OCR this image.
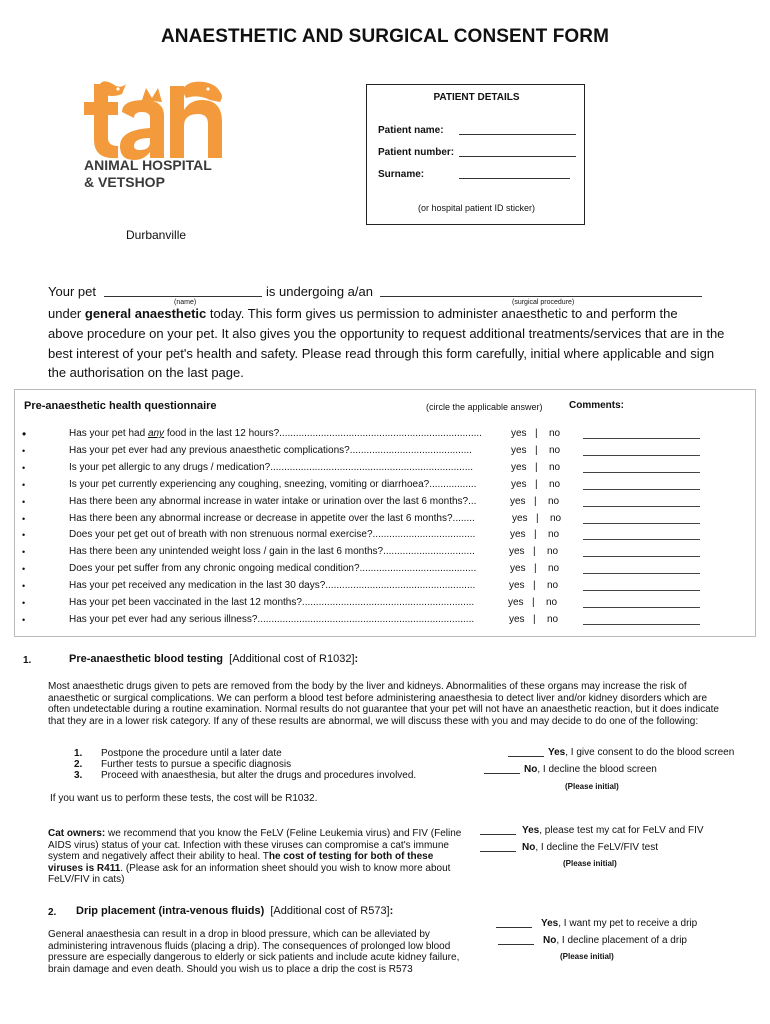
ANAESTHETIC AND SURGICAL CONSENT FORM
ANIMAL HOSPITAL
& VETSHOP
Durbanville
PATIENT DETAILS
Patient name:
Patient number:
Surname:
(or hospital patient ID sticker)
Your pet
(name)
is undergoing a/an
(surgical procedure)
under general anaesthetic today. This form gives us permission to administer anaesthetic to and perform the
above procedure on your pet. It also gives you the opportunity to request additional treatments/services that are in the
best interest of your pet's health and safety. Please read through this form carefully, initial where applicable and sign
the authorisation on the last page.
Pre-anaesthetic health questionnaire	(circle the applicable answer)	Comments:
•	Has your pet had any food in the last 12 hours?.........................................................................	yes | no
•	Has your pet ever had any previous anaesthetic complications?............................................	yes | no
•	Is your pet allergic to any drugs / medication?.........................................................................	yes | no
•	Is your pet currently experiencing any coughing, sneezing, vomiting or diarrhoea?.................	yes | no
•	Has there been any abnormal increase in water intake or urination over the last 6 months?...	yes | no
•	Has there been any abnormal increase or decrease in appetite over the last 6 months?........	yes | no
•	Does your pet get out of breath with non strenuous normal exercise?.....................................	yes | no
•	Has there been any unintended weight loss / gain in the last 6 months?.................................	yes | no
•	Does your pet suffer from any chronic ongoing medical condition?..........................................	yes | no
•	Has your pet received any medication in the last 30 days?......................................................	yes | no
•	Has your pet been vaccinated in the last 12 months?..............................................................	yes | no
•	Has your pet ever had any serious illness?..............................................................................	yes | no
1.	Pre-anaesthetic blood testing [Additional cost of R1032]:
Most anaesthetic drugs given to pets are removed from the body by the liver and kidneys. Abnormalities of these organs may increase the risk of anaesthetic or surgical complications. We can perform a blood test before administering anaesthesia to detect liver and/or kidney disorders which are often undetectable during a routine examination. Normal results do not guarantee that your pet will not have an anaesthetic reaction, but it does indicate that they are in a lower risk category. If any of these results are abnormal, we will discuss these with you and may decide to do one of the following:
1. Postpone the procedure until a later date
2. Further tests to pursue a specific diagnosis
3. Proceed with anaesthesia, but alter the drugs and procedures involved.
If you want us to perform these tests, the cost will be R1032.
Yes, I give consent to do the blood screen
No, I decline the blood screen
(Please initial)
Cat owners: we recommend that you know the FeLV (Feline Leukemia virus) and FIV (Feline AIDS virus) status of your cat. Infection with these viruses can compromise a cat's immune system and negatively affect their ability to heal. The cost of testing for both of these viruses is R411. (Please ask for an information sheet should you wish to know more about FeLV/FIV in cats)
Yes, please test my cat for FeLV and FIV
No, I decline the FeLV/FIV test
(Please initial)
2. Drip placement (intra-venous fluids) [Additional cost of R573]:
General anaesthesia can result in a drop in blood pressure, which can be alleviated by administering intravenous fluids (placing a drip). The consequences of prolonged low blood pressure are especially dangerous to elderly or sick patients and include acute kidney failure, brain damage and even death. Should you wish us to place a drip the cost is R573
Yes, I want my pet to receive a drip
No, I decline placement of a drip
(Please initial)
